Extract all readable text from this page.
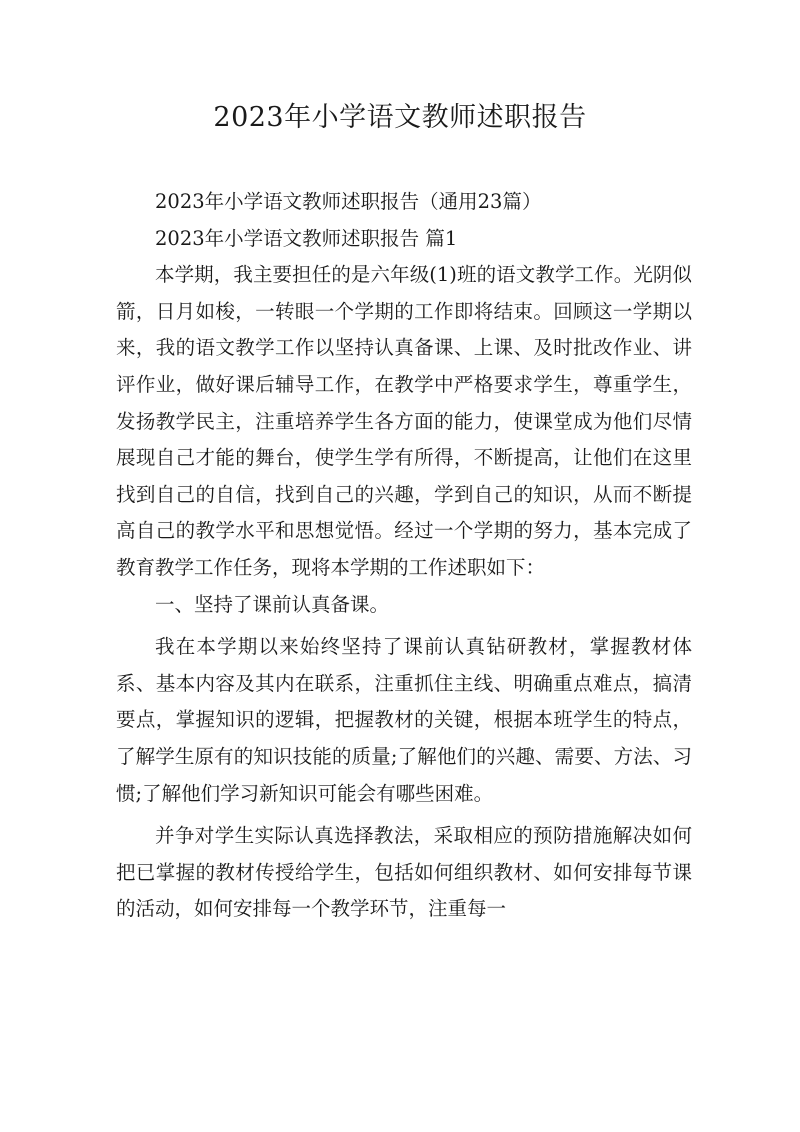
2023年小学语文教师述职报告

2023年小学语文教师述职报告（通用23篇）

2023年小学语文教师述职报告 篇1

本学期，我主要担任的是六年级(1)班的语文教学工作。光阴似箭，日月如梭，一转眼一个学期的工作即将结束。回顾这一学期以来，我的语文教学工作以坚持认真备课、上课、及时批改作业、讲评作业，做好课后辅导工作，在教学中严格要求学生，尊重学生，发扬教学民主，注重培养学生各方面的能力，使课堂成为他们尽情展现自己才能的舞台，使学生学有所得，不断提高，让他们在这里找到自己的自信，找到自己的兴趣，学到自己的知识，从而不断提高自己的教学水平和思想觉悟。经过一个学期的努力，基本完成了教育教学工作任务，现将本学期的工作述职如下：

一、坚持了课前认真备课。

我在本学期以来始终坚持了课前认真钻研教材，掌握教材体系、基本内容及其内在联系，注重抓住主线、明确重点难点，搞清要点，掌握知识的逻辑，把握教材的关键，根据本班学生的特点，了解学生原有的知识技能的质量;了解他们的兴趣、需要、方法、习惯;了解他们学习新知识可能会有哪些困难。

并争对学生实际认真选择教法，采取相应的预防措施解决如何把已掌握的教材传授给学生，包括如何组织教材、如何安排每节课的活动，如何安排每一个教学环节，注重每一
